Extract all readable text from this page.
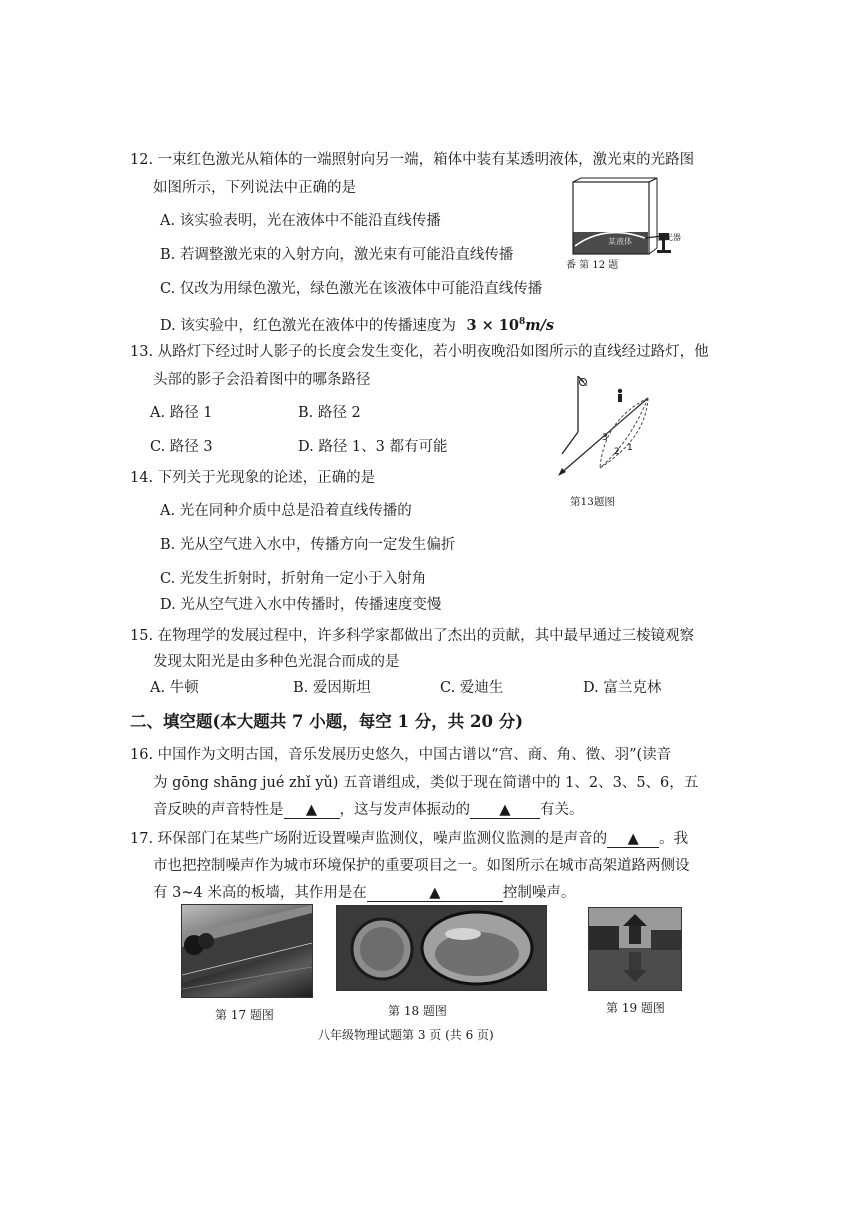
12. 一束红色激光从箱体的一端照射向另一端，箱体中装有某透明液体，激光束的光路图
如图所示，下列说法中正确的是
A. 该实验表明，光在液体中不能沿直线传播
B. 若调整激光束的入射方向，激光束有可能沿直线传播
C. 仅改为用绿色激光，绿色激光在该液体中可能沿直线传播
D. 该实验中，红色激光在液体中的传播速度为 $3 \times 10^8m/s$
激光器
某液体
番 第 12 题
13. 从路灯下经过时人影子的长度会发生变化，若小明夜晚沿如图所示的直线经过路灯，他
头部的影子会沿着图中的哪条路径
A. 路径 1	B. 路径 2
C. 路径 3	D. 路径 1、3 都有可能	1
2
3
第13题图
14. 下列关于光现象的论述，正确的是
A. 光在同种介质中总是沿着直线传播的
B. 光从空气进入水中，传播方向一定发生偏折
C. 光发生折射时，折射角一定小于入射角
D. 光从空气进入水中传播时，传播速度变慢
15. 在物理学的发展过程中，许多科学家都做出了杰出的贡献，其中最早通过三棱镜观察
发现太阳光是由多种色光混合而成的是
A. 牛顿	B. 爱因斯坦	C. 爱迪生	D. 富兰克林
二、填空题(本大题共 7 小题，每空 1 分，共 20 分)
16. 中国作为文明古国，音乐发展历史悠久，中国古谱以“宫、商、角、徵、羽”(读音
为 gōng shāng jué zhǐ yǔ) 五音谱组成，类似于现在简谱中的 1、2、3、5、6，五
音反映的声音特性是 ▲ ，这与发声体振动的 ▲ 有关。
17. 环保部门在某些广场附近设置噪声监测仪，噪声监测仪监测的是声音的 ▲ 。我
市也把控制噪声作为城市环境保护的重要项目之一。如图所示在城市高架道路两侧设
有 3~4 米高的板墙，其作用是在	▲	控制噪声。
第 17 题图	第 18 题图	第 19 题图
八年级物理试题第 3 页 (共 6 页)
